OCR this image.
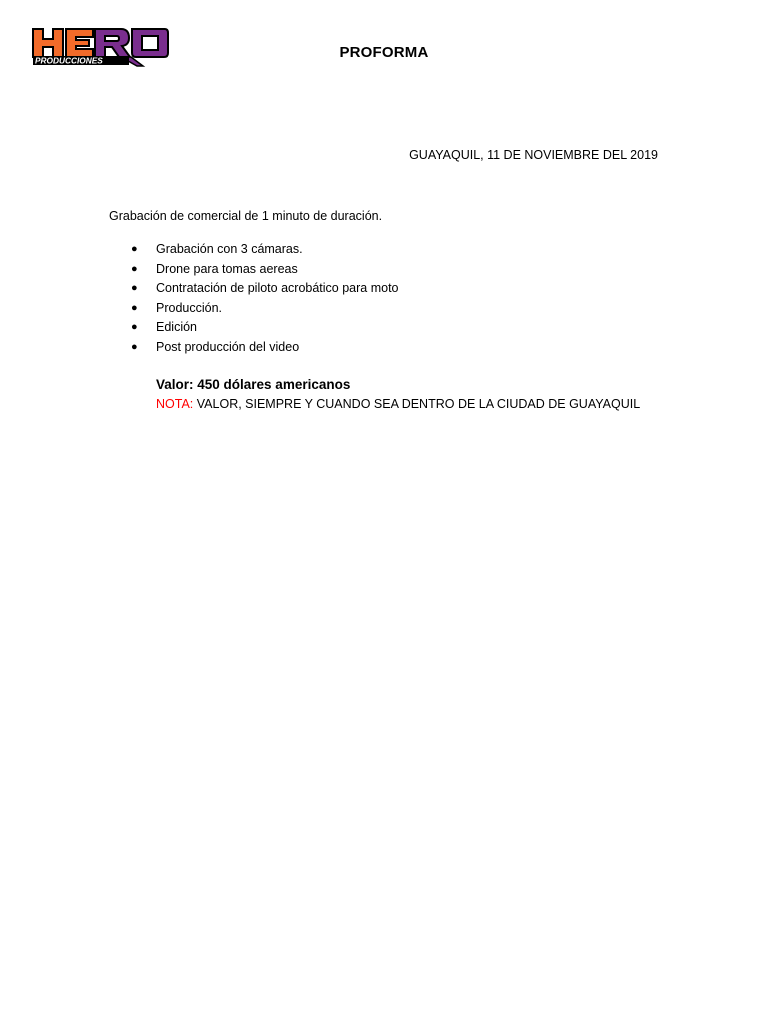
PRODUCCIONES	PROFORMA
GUAYAQUIL, 11 DE NOVIEMBRE DEL 2019
Grabación de comercial de 1 minuto de duración.
●	Grabación con 3 cámaras.
●	Drone para tomas aereas
●	Contratación de piloto acrobático para moto
●	Producción.
●	Edición
●	Post producción del video
Valor: 450 dólares americanos
NOTA: VALOR, SIEMPRE Y CUANDO SEA DENTRO DE LA CIUDAD DE GUAYAQUIL
